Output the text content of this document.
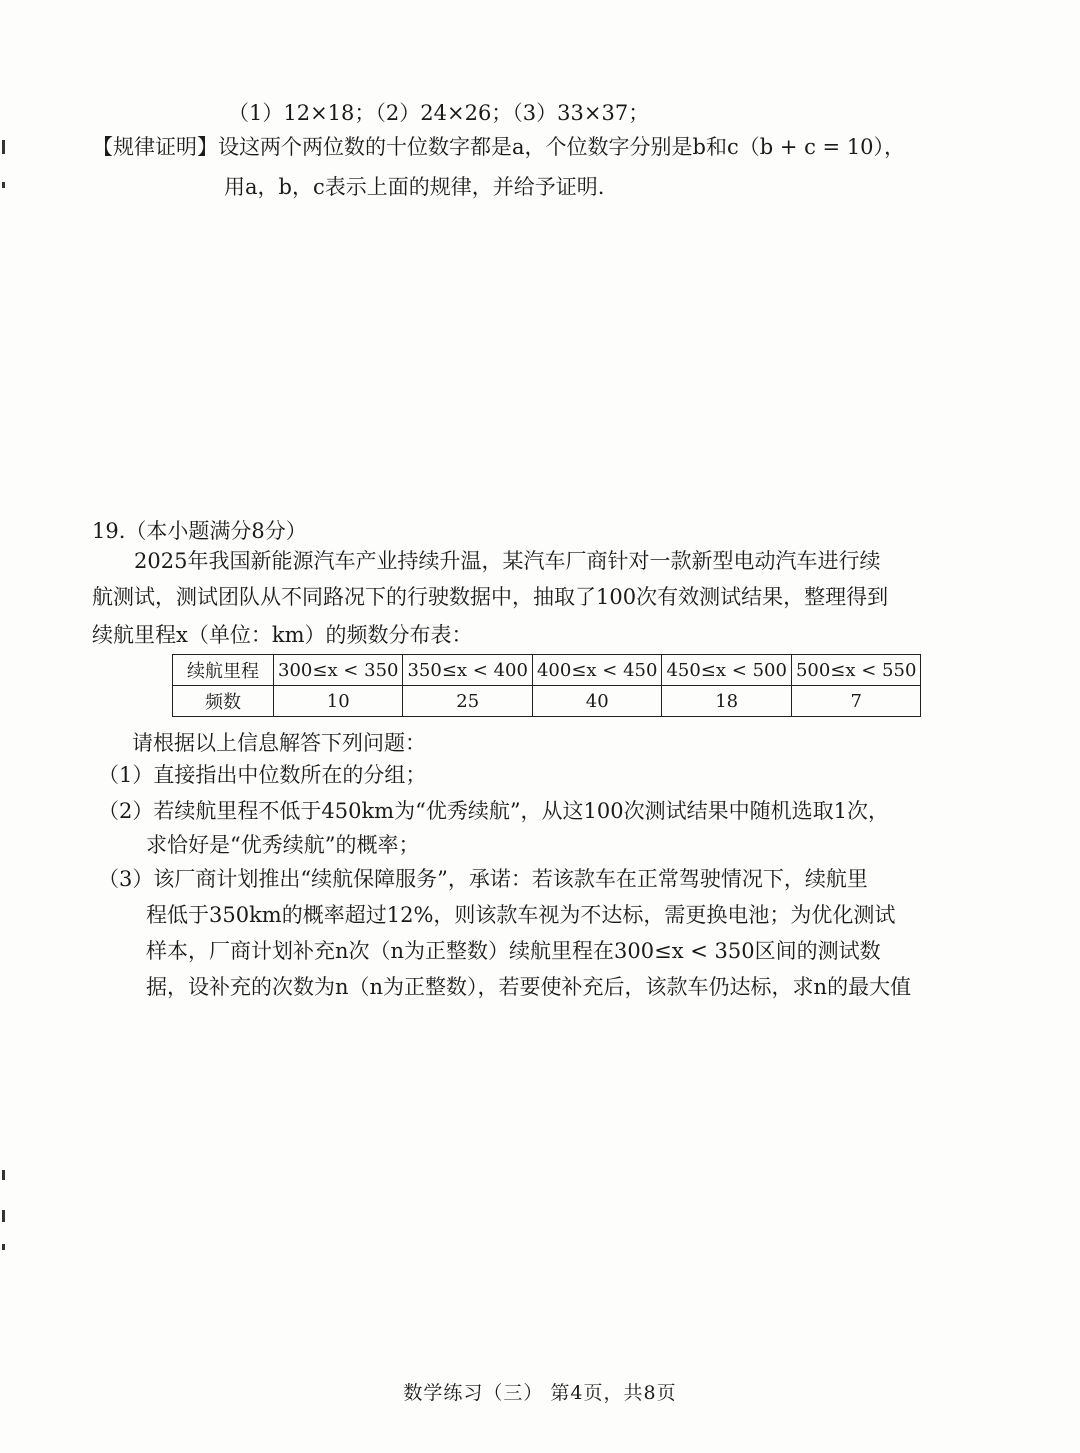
（1）12×18；（2）24×26；（3）33×37；
【规律证明】设这两个两位数的十位数字都是a，个位数字分别是b和c（b + c = 10），
用a，b，c表示上面的规律，并给予证明.
19.（本小题满分8分）
2025年我国新能源汽车产业持续升温，某汽车厂商针对一款新型电动汽车进行续
航测试，测试团队从不同路况下的行驶数据中，抽取了100次有效测试结果，整理得到
续航里程x（单位：km）的频数分布表：
续航里程	300≤x < 350	350≤x < 400	400≤x < 450	450≤x < 500	500≤x < 550
频数	10	25	40	18	7
请根据以上信息解答下列问题：
（1）直接指出中位数所在的分组；
（2）若续航里程不低于450km为“优秀续航”，从这100次测试结果中随机选取1次，
求恰好是“优秀续航”的概率；
（3）该厂商计划推出“续航保障服务”，承诺：若该款车在正常驾驶情况下，续航里
程低于350km的概率超过12%，则该款车视为不达标，需更换电池；为优化测试
样本，厂商计划补充n次（n为正整数）续航里程在300≤x < 350区间的测试数
据，设补充的次数为n（n为正整数），若要使补充后，该款车仍达标，求n的最大值
数学练习（三） 第4页，共8页
